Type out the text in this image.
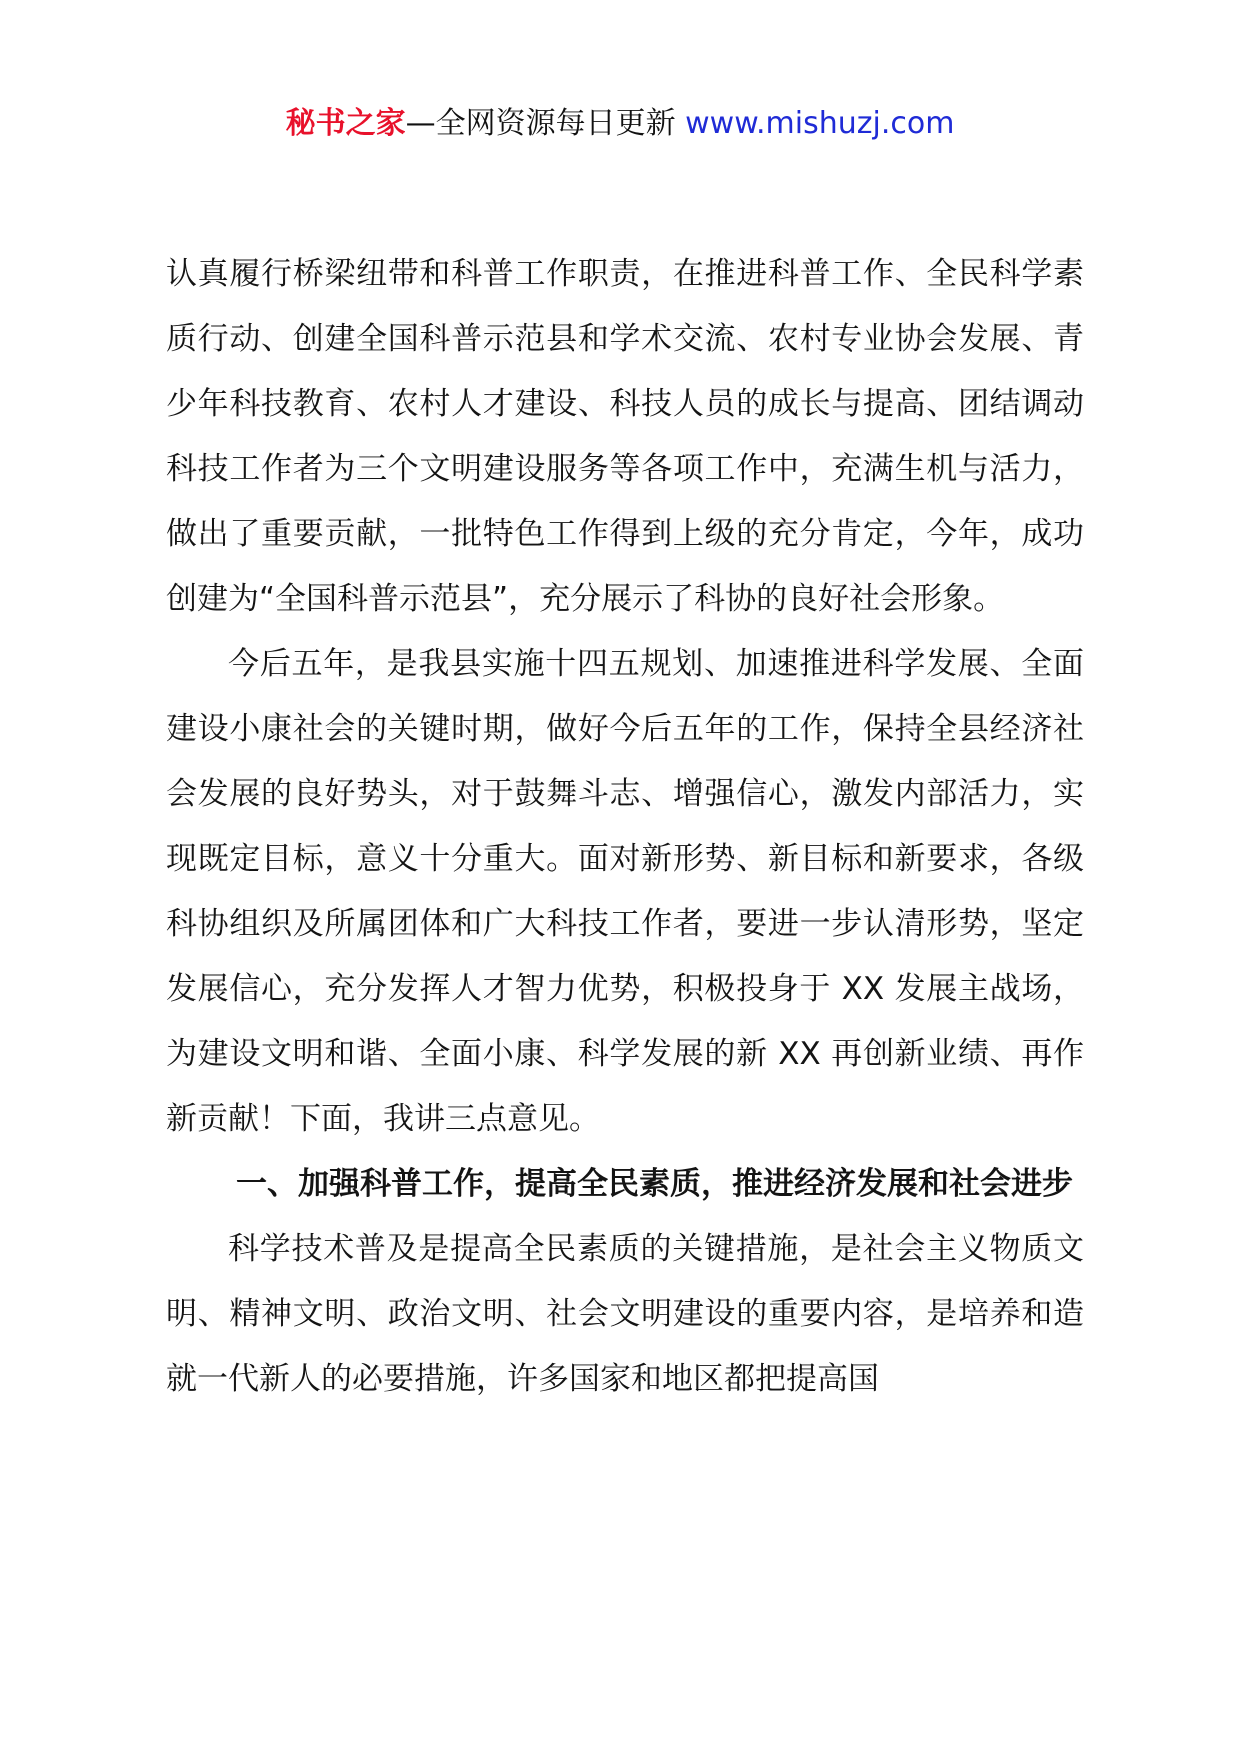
秘书之家—全网资源每日更新 www.mishuzj.com

认真履行桥梁纽带和科普工作职责，在推进科普工作、全民科学素质行动、创建全国科普示范县和学术交流、农村专业协会发展、青少年科技教育、农村人才建设、科技人员的成长与提高、团结调动科技工作者为三个文明建设服务等各项工作中，充满生机与活力，做出了重要贡献，一批特色工作得到上级的充分肯定，今年，成功创建为“全国科普示范县”，充分展示了科协的良好社会形象。

今后五年，是我县实施十四五规划、加速推进科学发展、全面建设小康社会的关键时期，做好今后五年的工作，保持全县经济社会发展的良好势头，对于鼓舞斗志、增强信心，激发内部活力，实现既定目标，意义十分重大。面对新形势、新目标和新要求，各级科协组织及所属团体和广大科技工作者，要进一步认清形势，坚定发展信心，充分发挥人才智力优势，积极投身于 XX 发展主战场，为建设文明和谐、全面小康、科学发展的新 XX 再创新业绩、再作新贡献！下面，我讲三点意见。

一、加强科普工作，提高全民素质，推进经济发展和社会进步

科学技术普及是提高全民素质的关键措施，是社会主义物质文明、精神文明、政治文明、社会文明建设的重要内容，是培养和造就一代新人的必要措施，许多国家和地区都把提高国
